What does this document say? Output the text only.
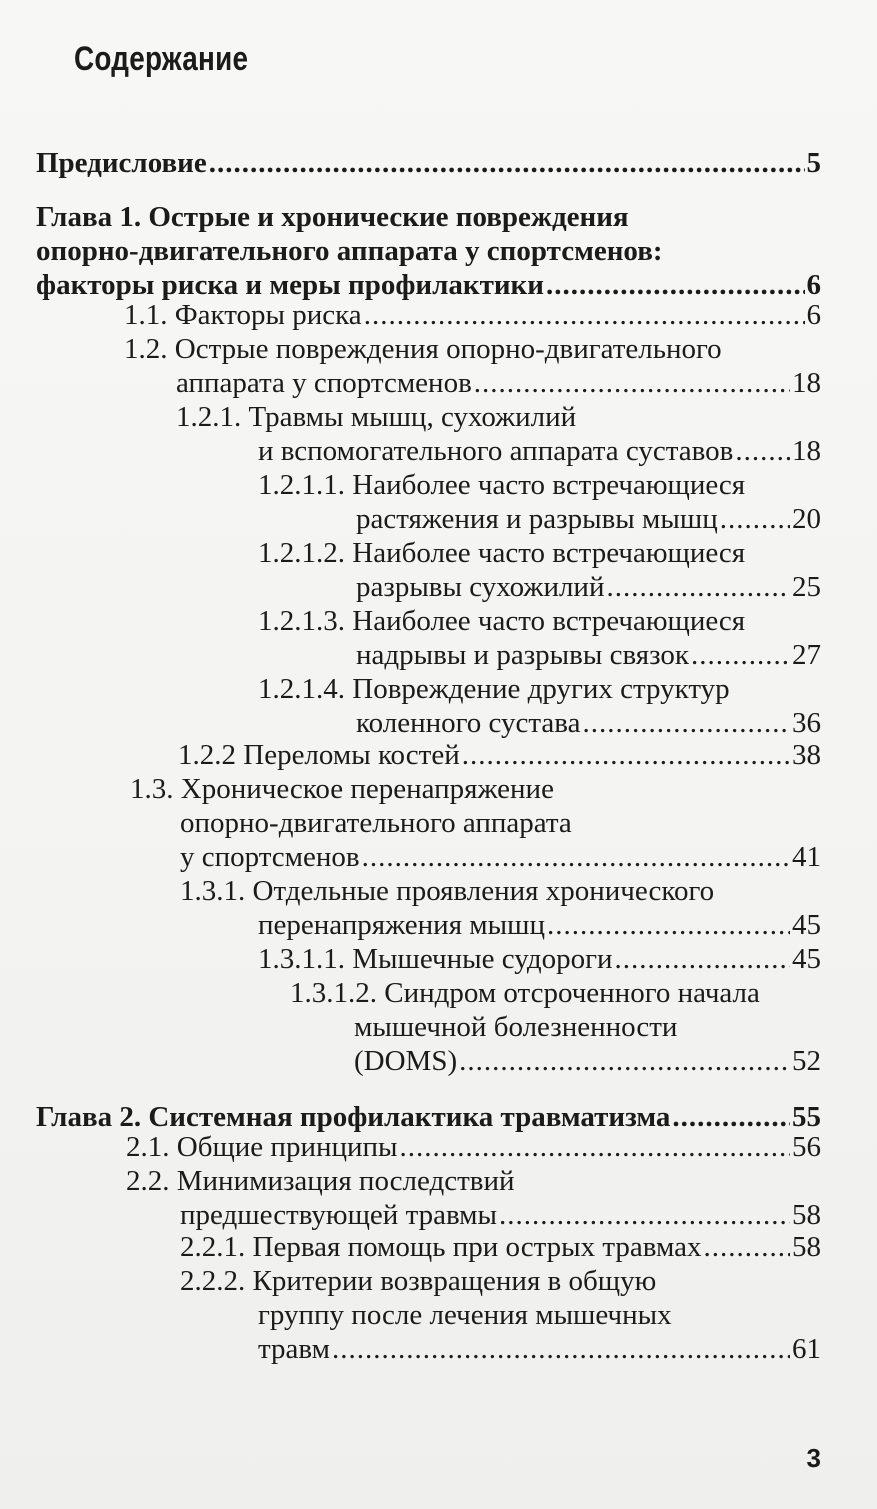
Содержание
Предисловие .....	5
Глава 1. Острые и хронические повреждения
опорно-двигательного аппарата у спортсменов:
факторы риска и меры профилактики .....	6
1.1. Факторы риска .....	6
1.2. Острые повреждения опорно-двигательного
аппарата у спортсменов .....	18
1.2.1. Травмы мышц, сухожилий
и вспомогательного аппарата суставов ..... 18
1.2.1.1. Наиболее часто встречающиеся
растяжения и разрывы мышц .....	20
1.2.1.2. Наиболее часто встречающиеся
разрывы сухожилий .....	25
1.2.1.3. Наиболее часто встречающиеся
надрывы и разрывы связок .....	27
1.2.1.4. Повреждение других структур
коленного сустава .....	36
1.2.2 Переломы костей .....	38
1.3. Хроническое перенапряжение
опорно-двигательного аппарата
у спортсменов .....	41
1.3.1. Отдельные проявления хронического
перенапряжения мышц .....	45
1.3.1.1. Мышечные судороги .....	45
1.3.1.2. Синдром отсроченного начала
мышечной болезненности
(DOMS) .....	52
Глава 2. Системная профилактика травматизма .....	55
2.1. Общие принципы .....	56
2.2. Минимизация последствий
предшествующей травмы .....	58
2.2.1. Первая помощь при острых травмах .....	58
2.2.2. Критерии возвращения в общую
группу после лечения мышечных
травм .....	61
3
